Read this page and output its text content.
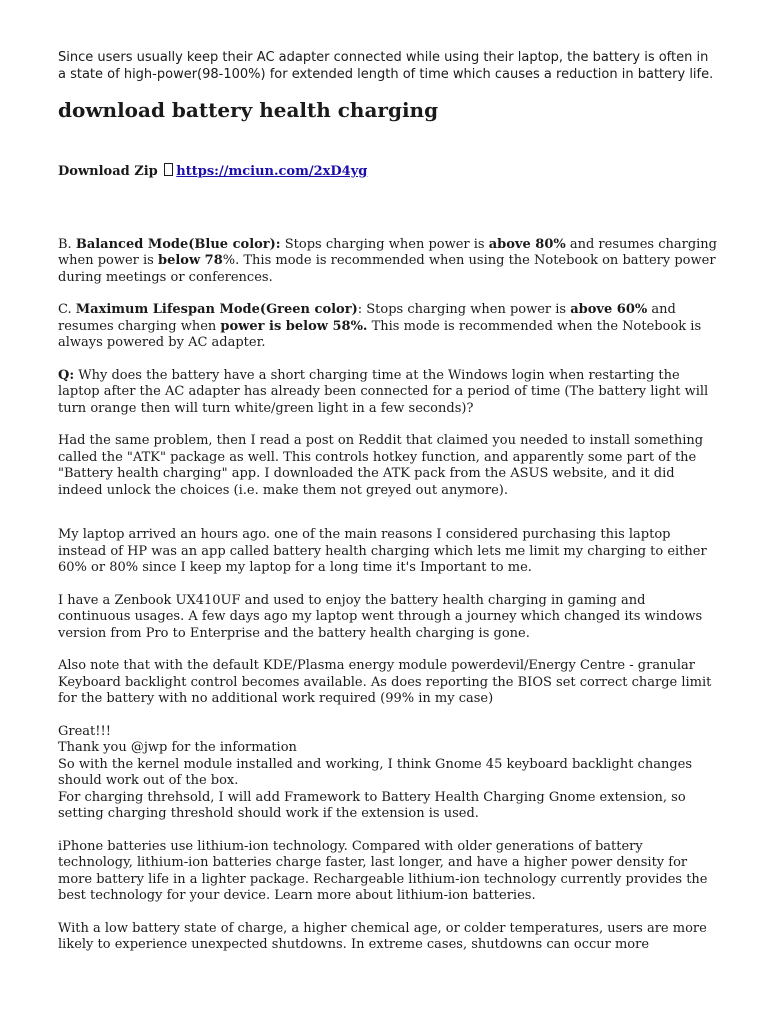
Since users usually keep their AC adapter connected while using their laptop, the battery is often in a state of high-power(98-100%) for extended length of time which causes a reduction in battery life.

download battery health charging

Download Zip https://mciun.com/2xD4yg

B. Balanced Mode(Blue color): Stops charging when power is above 80% and resumes charging when power is below 78%. This mode is recommended when using the Notebook on battery power during meetings or conferences.

C. Maximum Lifespan Mode(Green color): Stops charging when power is above 60% and resumes charging when power is below 58%. This mode is recommended when the Notebook is always powered by AC adapter.

Q: Why does the battery have a short charging time at the Windows login when restarting the laptop after the AC adapter has already been connected for a period of time (The battery light will turn orange then will turn white/green light in a few seconds)?

Had the same problem, then I read a post on Reddit that claimed you needed to install something called the "ATK" package as well. This controls hotkey function, and apparently some part of the "Battery health charging" app. I downloaded the ATK pack from the ASUS website, and it did indeed unlock the choices (i.e. make them not greyed out anymore).

My laptop arrived an hours ago. one of the main reasons I considered purchasing this laptop instead of HP was an app called battery health charging which lets me limit my charging to either 60% or 80% since I keep my laptop for a long time it's Important to me.

I have a Zenbook UX410UF and used to enjoy the battery health charging in gaming and continuous usages. A few days ago my laptop went through a journey which changed its windows version from Pro to Enterprise and the battery health charging is gone.

Also note that with the default KDE/Plasma energy module powerdevil/Energy Centre - granular Keyboard backlight control becomes available. As does reporting the BIOS set correct charge limit for the battery with no additional work required (99% in my case)

Great!!!
Thank you @jwp for the information
So with the kernel module installed and working, I think Gnome 45 keyboard backlight changes should work out of the box.
For charging threhsold, I will add Framework to Battery Health Charging Gnome extension, so setting charging threshold should work if the extension is used.

iPhone batteries use lithium-ion technology. Compared with older generations of battery technology, lithium-ion batteries charge faster, last longer, and have a higher power density for more battery life in a lighter package. Rechargeable lithium-ion technology currently provides the best technology for your device. Learn more about lithium-ion batteries.

With a low battery state of charge, a higher chemical age, or colder temperatures, users are more likely to experience unexpected shutdowns. In extreme cases, shutdowns can occur more
